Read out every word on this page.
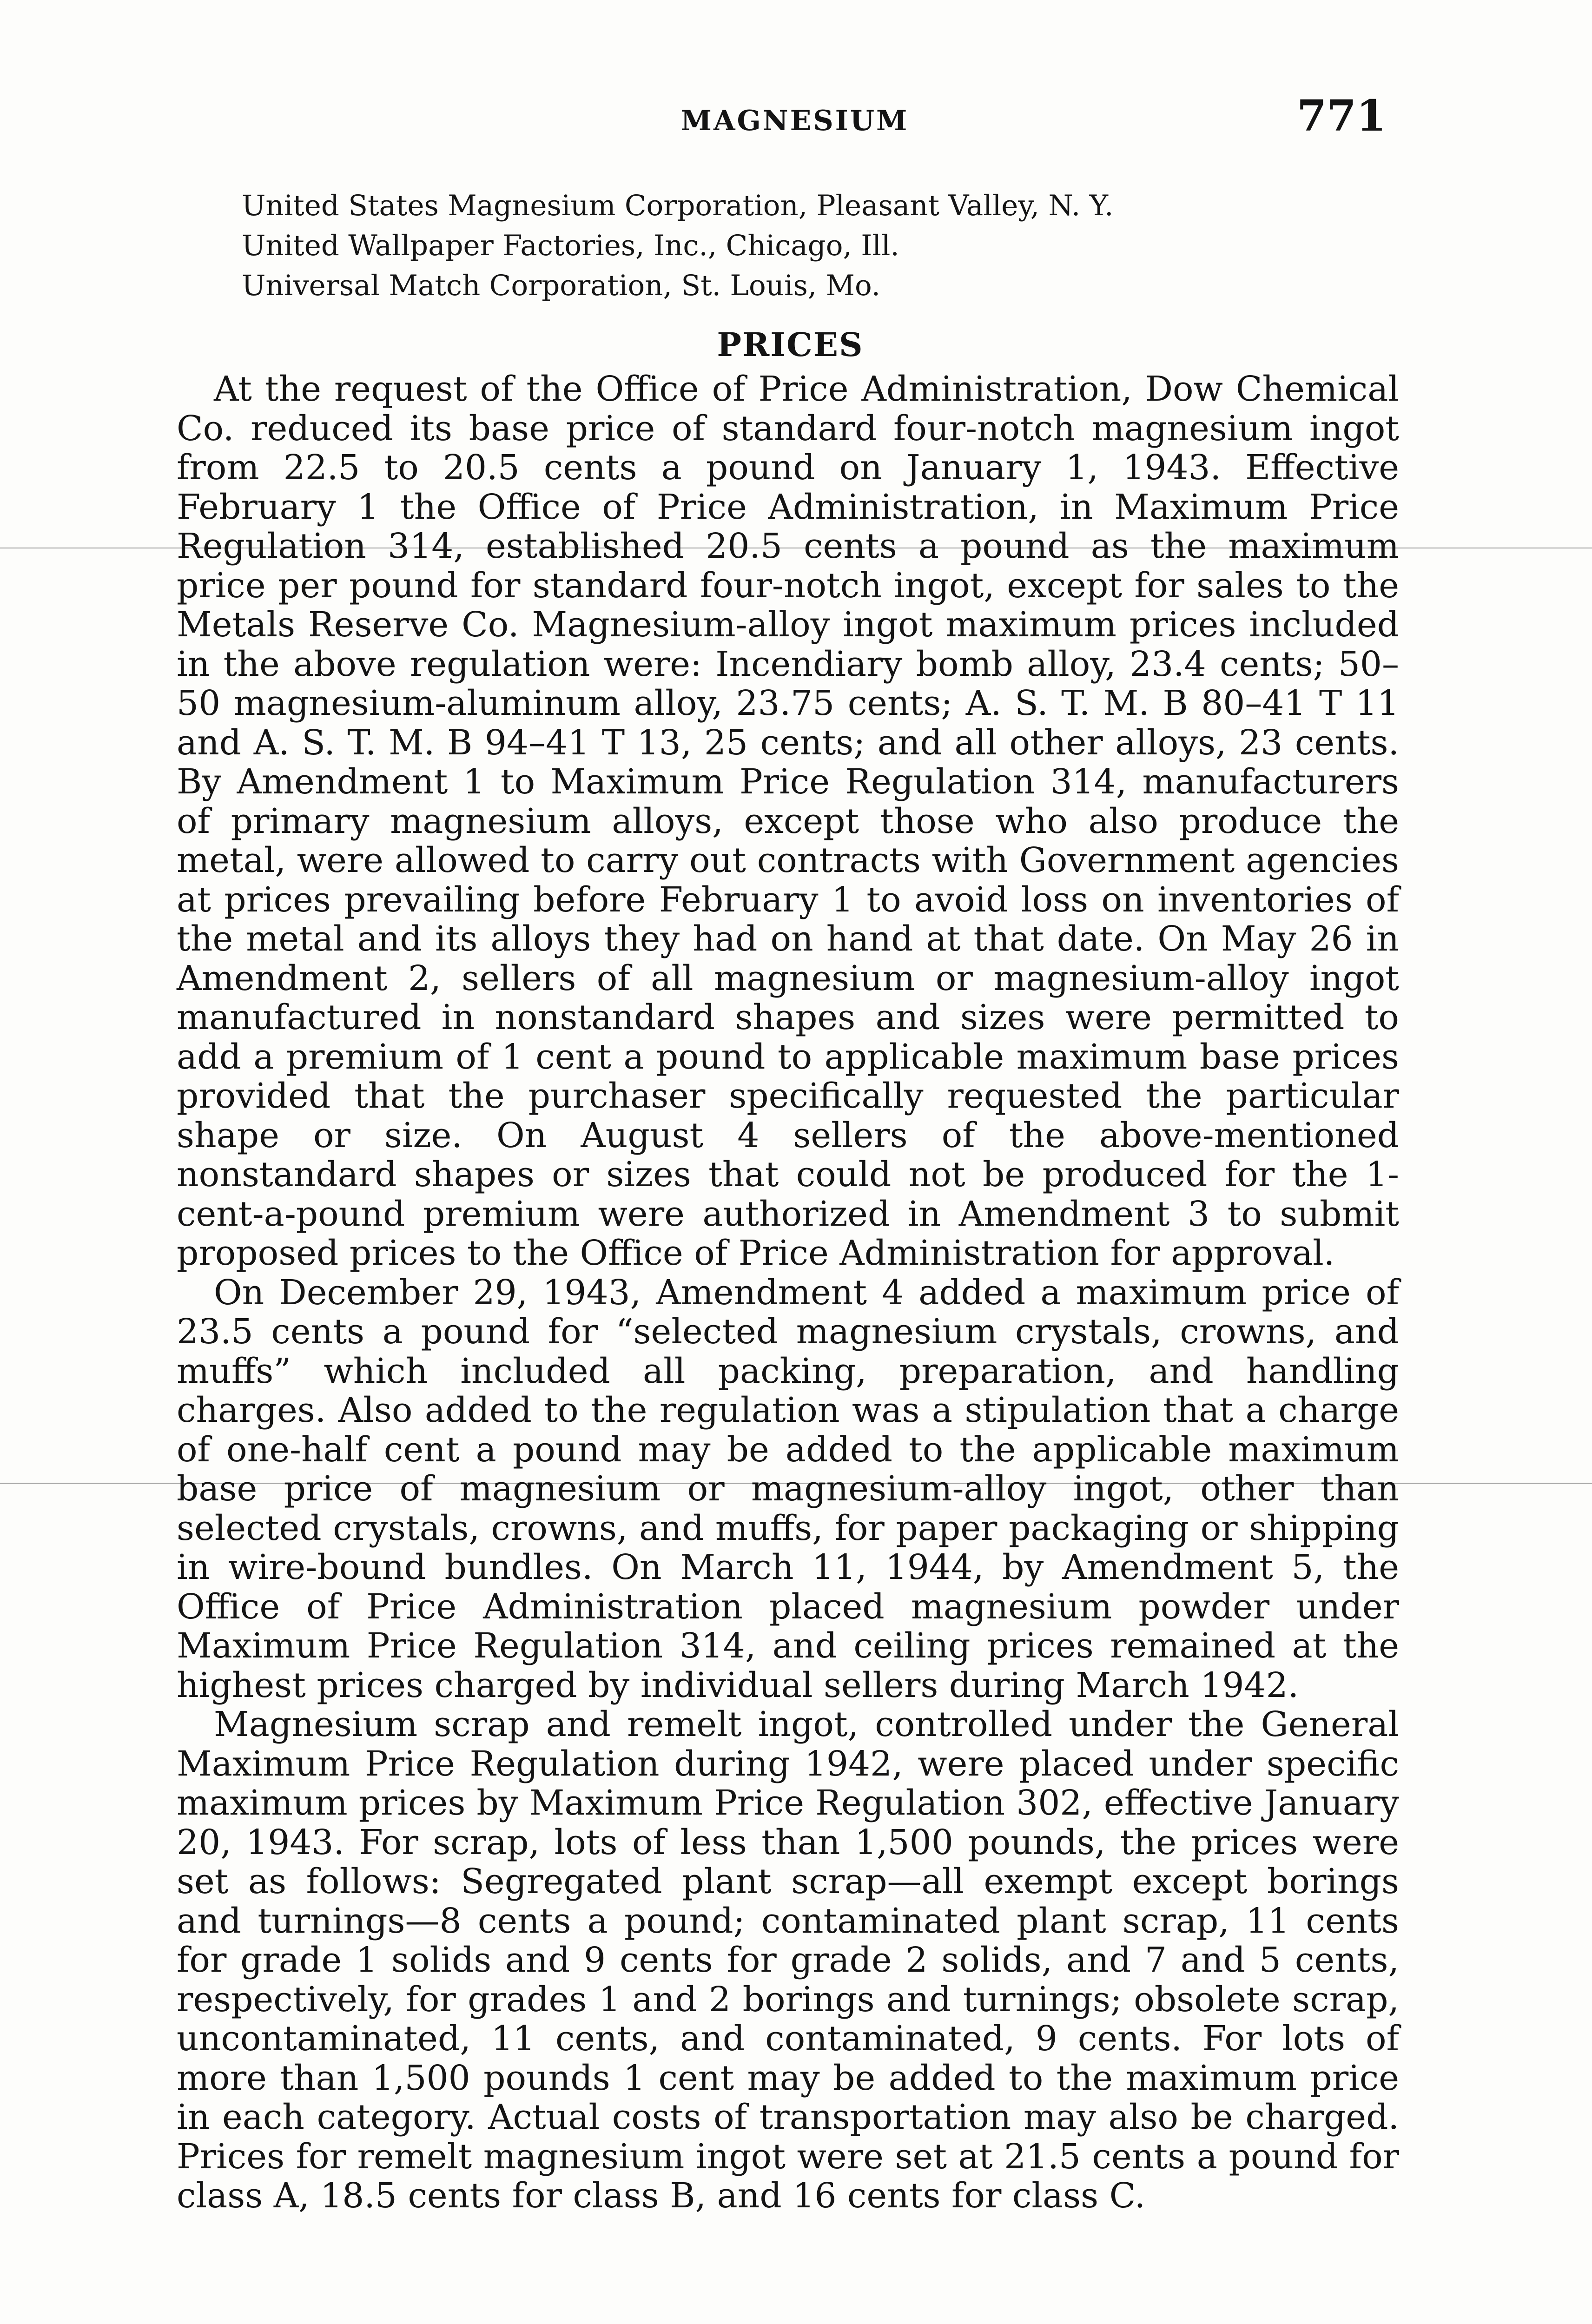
MAGNESIUM	771
United States Magnesium Corporation, Pleasant Valley, N. Y.
United Wallpaper Factories, Inc., Chicago, Ill.
Universal Match Corporation, St. Louis, Mo.
PRICES

At the request of the Office of Price Administration, Dow Chemical Co. reduced its base price of standard four-notch magnesium ingot from 22.5 to 20.5 cents a pound on January 1, 1943. Effective February 1 the Office of Price Administration, in Maximum Price Regulation 314, established 20.5 cents a pound as the maximum price per pound for standard four-notch ingot, except for sales to the Metals Reserve Co. Magnesium-alloy ingot maximum prices included in the above regulation were: Incendiary bomb alloy, 23.4 cents; 50–50 magnesium-aluminum alloy, 23.75 cents; A. S. T. M. B 80–41 T 11 and A. S. T. M. B 94–41 T 13, 25 cents; and all other alloys, 23 cents. By Amendment 1 to Maximum Price Regulation 314, manufacturers of primary magnesium alloys, except those who also produce the metal, were allowed to carry out contracts with Government agencies at prices prevailing before February 1 to avoid loss on inventories of the metal and its alloys they had on hand at that date. On May 26 in Amendment 2, sellers of all magnesium or magnesium-alloy ingot manufactured in nonstandard shapes and sizes were permitted to add a premium of 1 cent a pound to applicable maximum base prices provided that the purchaser specifically requested the particular shape or size. On August 4 sellers of the above-mentioned nonstandard shapes or sizes that could not be produced for the 1-cent-a-pound premium were authorized in Amendment 3 to submit proposed prices to the Office of Price Administration for approval.

On December 29, 1943, Amendment 4 added a maximum price of 23.5 cents a pound for “selected magnesium crystals, crowns, and muffs” which included all packing, preparation, and handling charges. Also added to the regulation was a stipulation that a charge of one-half cent a pound may be added to the applicable maximum base price of magnesium or magnesium-alloy ingot, other than selected crystals, crowns, and muffs, for paper packaging or shipping in wire-bound bundles. On March 11, 1944, by Amendment 5, the Office of Price Administration placed magnesium powder under Maximum Price Regulation 314, and ceiling prices remained at the highest prices charged by individual sellers during March 1942.

Magnesium scrap and remelt ingot, controlled under the General Maximum Price Regulation during 1942, were placed under specific maximum prices by Maximum Price Regulation 302, effective January 20, 1943. For scrap, lots of less than 1,500 pounds, the prices were set as follows: Segregated plant scrap—all exempt except borings and turnings—8 cents a pound; contaminated plant scrap, 11 cents for grade 1 solids and 9 cents for grade 2 solids, and 7 and 5 cents, respectively, for grades 1 and 2 borings and turnings; obsolete scrap, uncontaminated, 11 cents, and contaminated, 9 cents. For lots of more than 1,500 pounds 1 cent may be added to the maximum price in each category. Actual costs of transportation may also be charged. Prices for remelt magnesium ingot were set at 21.5 cents a pound for class A, 18.5 cents for class B, and 16 cents for class C.
